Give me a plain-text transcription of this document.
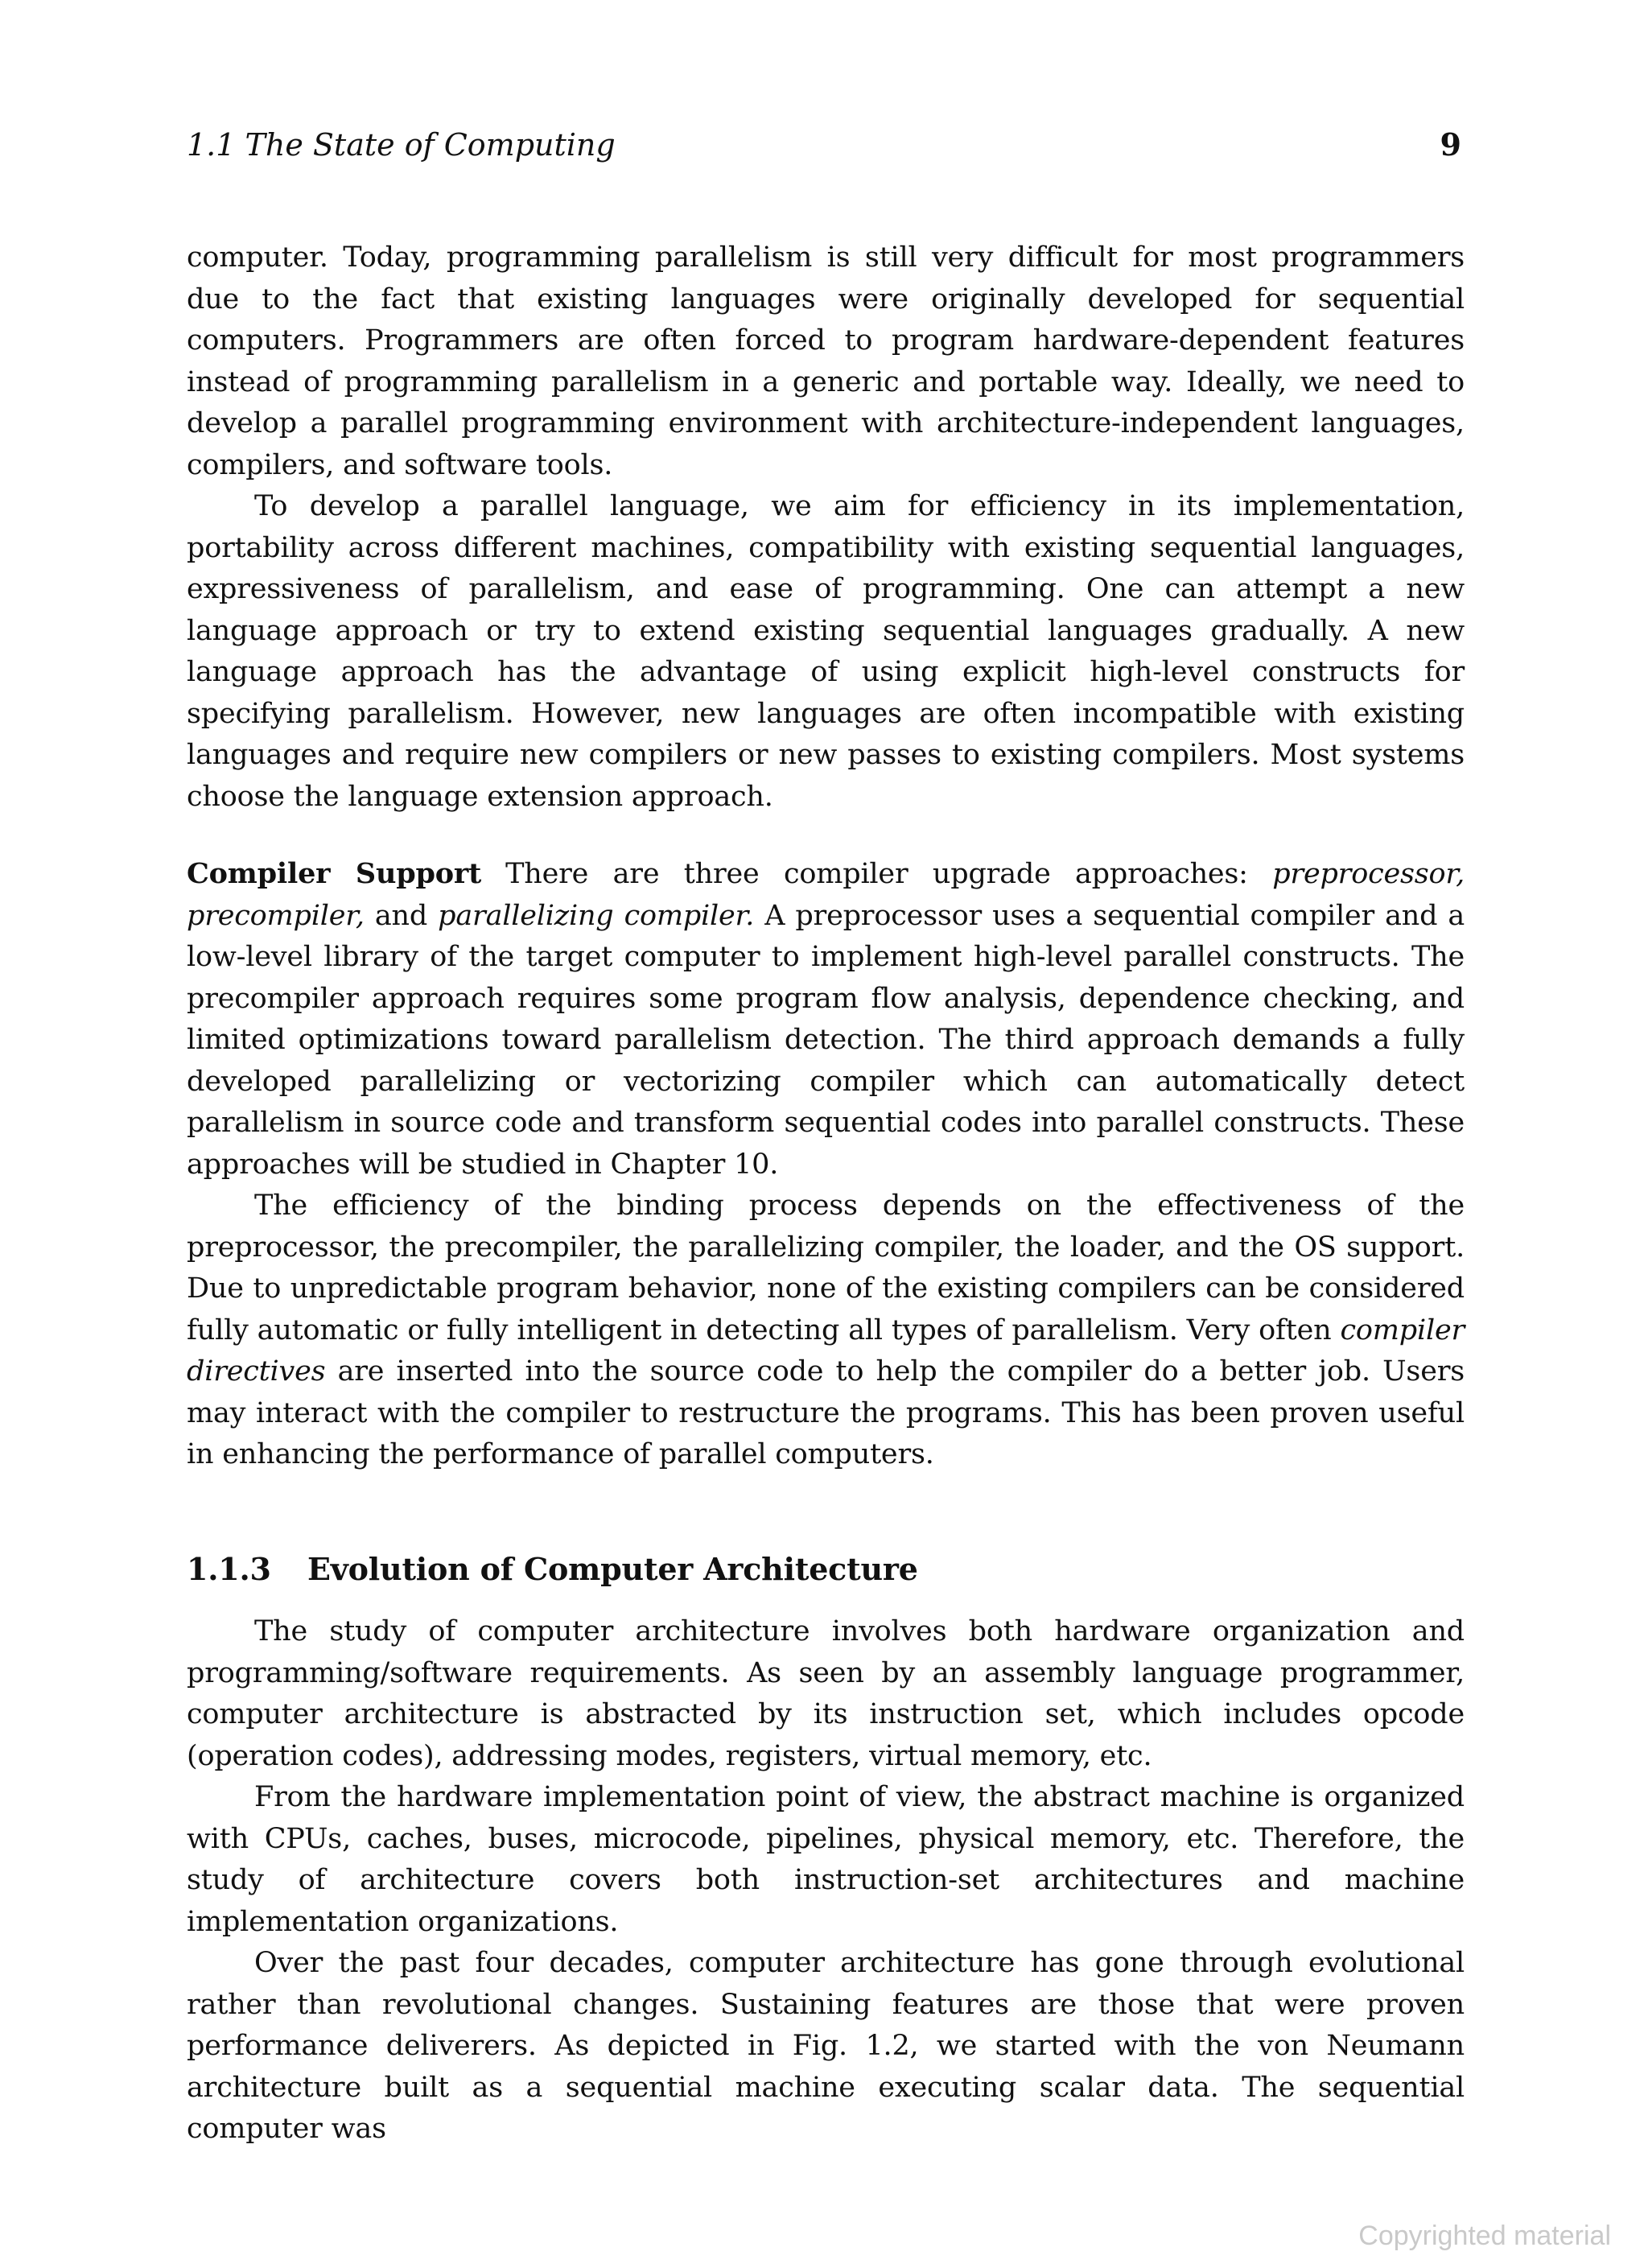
1.1 The State of Computing	9

computer. Today, programming parallelism is still very difficult for most programmers due to the fact that existing languages were originally developed for sequential computers. Programmers are often forced to program hardware-dependent features instead of programming parallelism in a generic and portable way. Ideally, we need to develop a parallel programming environment with architecture-independent languages, compilers, and software tools.

To develop a parallel language, we aim for efficiency in its implementation, portability across different machines, compatibility with existing sequential languages, expressiveness of parallelism, and ease of programming. One can attempt a new language approach or try to extend existing sequential languages gradually. A new language approach has the advantage of using explicit high-level constructs for specifying parallelism. However, new languages are often incompatible with existing languages and require new compilers or new passes to existing compilers. Most systems choose the language extension approach.

Compiler Support There are three compiler upgrade approaches: preprocessor, precompiler, and parallelizing compiler. A preprocessor uses a sequential compiler and a low-level library of the target computer to implement high-level parallel constructs. The precompiler approach requires some program flow analysis, dependence checking, and limited optimizations toward parallelism detection. The third approach demands a fully developed parallelizing or vectorizing compiler which can automatically detect parallelism in source code and transform sequential codes into parallel constructs. These approaches will be studied in Chapter 10.

The efficiency of the binding process depends on the effectiveness of the preprocessor, the precompiler, the parallelizing compiler, the loader, and the OS support. Due to unpredictable program behavior, none of the existing compilers can be considered fully automatic or fully intelligent in detecting all types of parallelism. Very often compiler directives are inserted into the source code to help the compiler do a better job. Users may interact with the compiler to restructure the programs. This has been proven useful in enhancing the performance of parallel computers.

1.1.3 Evolution of Computer Architecture

The study of computer architecture involves both hardware organization and programming/software requirements. As seen by an assembly language programmer, computer architecture is abstracted by its instruction set, which includes opcode (operation codes), addressing modes, registers, virtual memory, etc.

From the hardware implementation point of view, the abstract machine is organized with CPUs, caches, buses, microcode, pipelines, physical memory, etc. Therefore, the study of architecture covers both instruction-set architectures and machine implementation organizations.

Over the past four decades, computer architecture has gone through evolutional rather than revolutional changes. Sustaining features are those that were proven performance deliverers. As depicted in Fig. 1.2, we started with the von Neumann architecture built as a sequential machine executing scalar data. The sequential computer was

Copyrighted material
